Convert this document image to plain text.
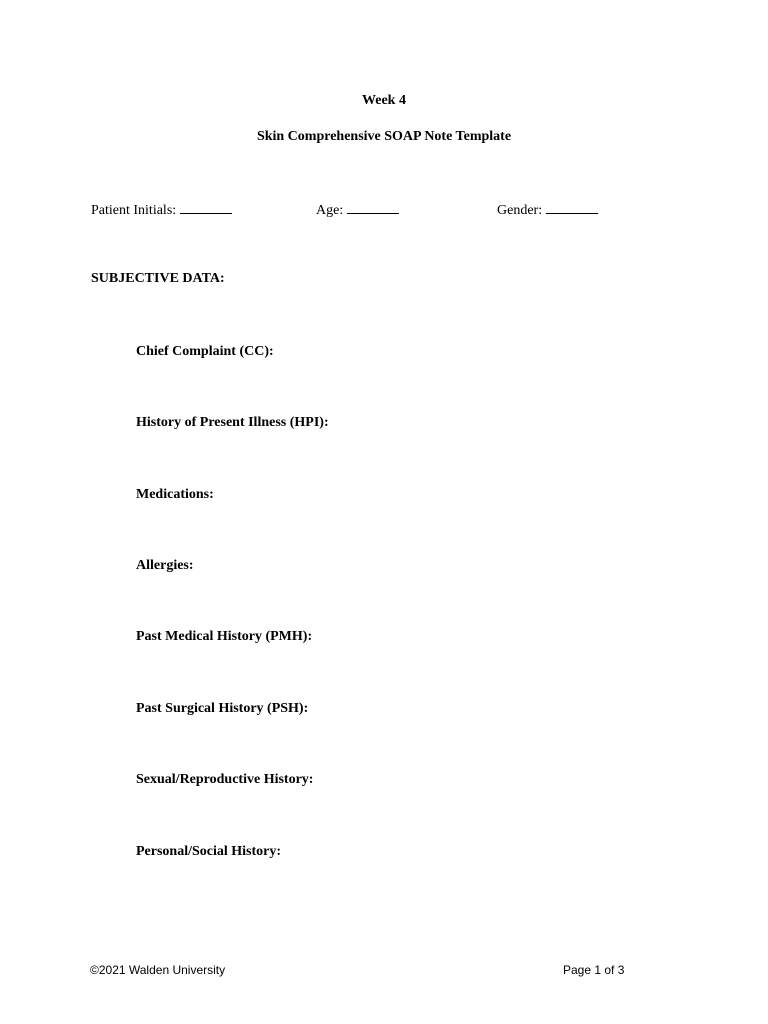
Week 4
Skin Comprehensive SOAP Note Template
Patient Initials:	Age:	Gender:
SUBJECTIVE DATA:
Chief Complaint (CC):
History of Present Illness (HPI):
Medications:
Allergies:
Past Medical History (PMH):
Past Surgical History (PSH):
Sexual/Reproductive History:
Personal/Social History:
©2021 Walden University	Page 1 of 3
